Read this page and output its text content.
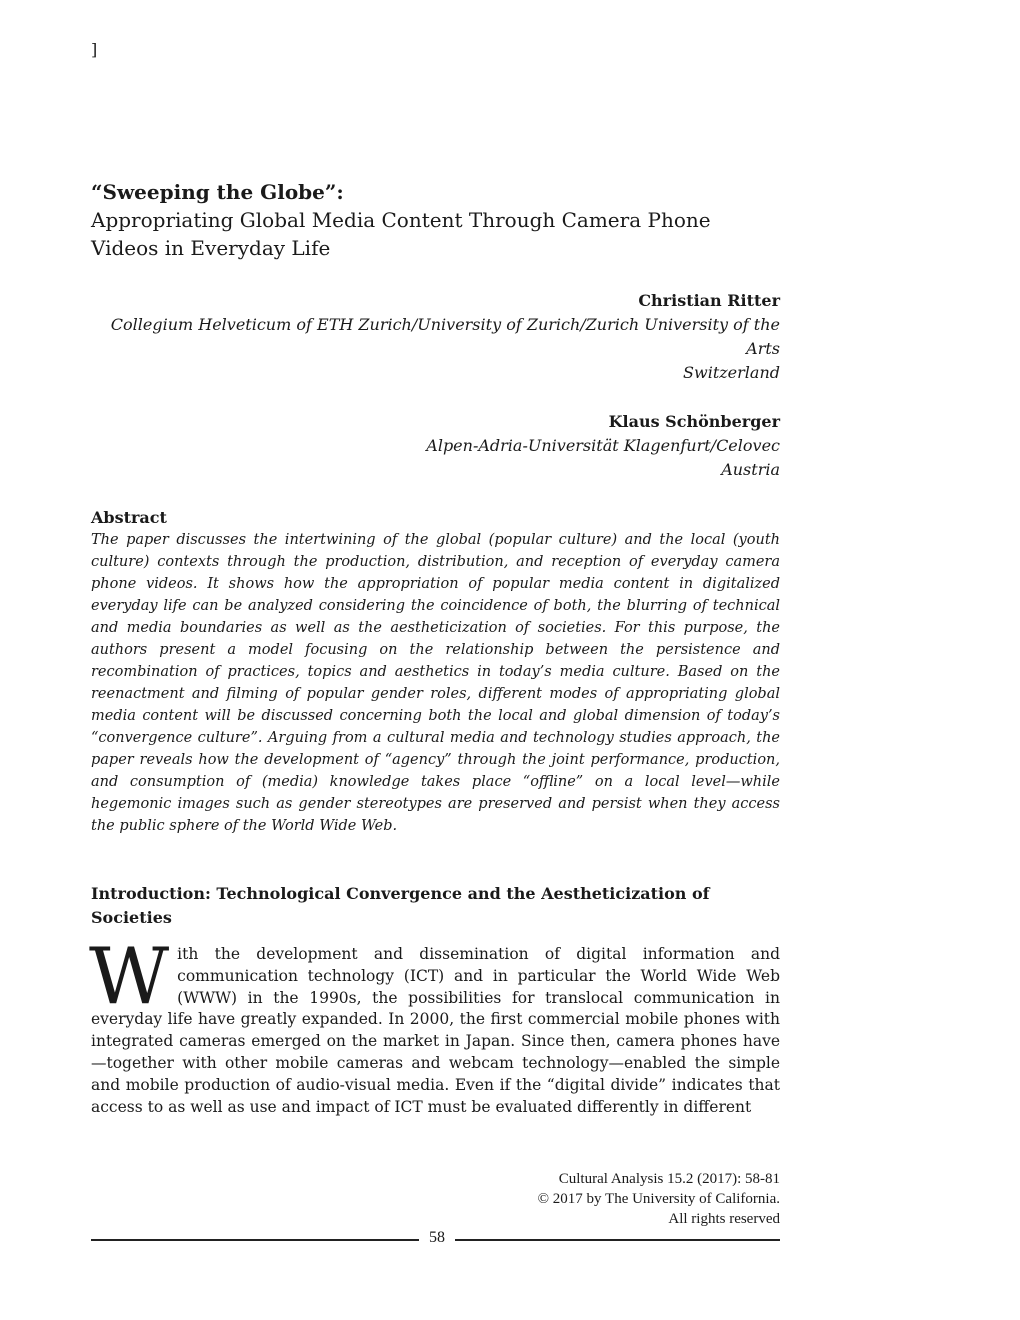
]
“Sweeping the Globe”:
Appropriating Global Media Content Through Camera Phone
Videos in Everyday Life
Christian Ritter
Collegium Helveticum of ETH Zurich/University of Zurich/Zurich University of the
Arts
Switzerland
Klaus Schönberger
Alpen-Adria-Universität Klagenfurt/Celovec
Austria
Abstract

The paper discusses the intertwining of the global (popular culture) and the local (youth culture) contexts through the production, distribution, and reception of everyday camera phone videos. It shows how the appropriation of popular media content in digitalized everyday life can be analyzed considering the coincidence of both, the blurring of technical and media boundaries as well as the aestheticization of societies. For this purpose, the authors present a model focusing on the relationship between the persistence and recombination of practices, topics and aesthetics in today’s media culture. Based on the reenactment and filming of popular gender roles, different modes of appropriating global media content will be discussed concerning both the local and global dimension of today’s “convergence culture”. Arguing from a cultural media and technology studies approach, the paper reveals how the development of “agency” through the joint performance, production, and consumption of (media) knowledge takes place “offline” on a local level—while hegemonic images such as gender stereotypes are preserved and persist when they access the public sphere of the World Wide Web.

Introduction: Technological Convergence and the Aestheticization of Societies

With the development and dissemination of digital information and communication technology (ICT) and in particular the World Wide Web (WWW) in the 1990s, the possibilities for translocal communication in everyday life have greatly expanded. In 2000, the first commercial mobile phones with integrated cameras emerged on the market in Japan. Since then, camera phones have—together with other mobile cameras and webcam technology—enabled the simple and mobile production of audio-visual media. Even if the “digital divide” indicates that access to as well as use and impact of ICT must be evaluated differently in different

Cultural Analysis 15.2 (2017): 58-81
© 2017 by The University of California.
All rights reserved
58
